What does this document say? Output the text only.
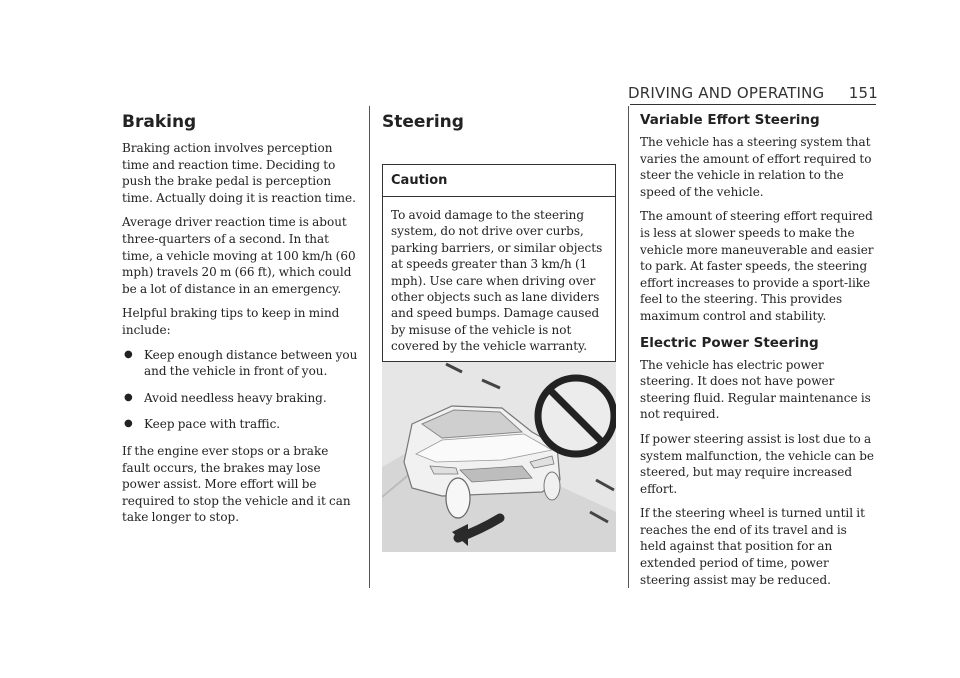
DRIVING AND OPERATING 151
Braking

Braking action involves perception time and reaction time. Deciding to push the brake pedal is perception time. Actually doing it is reaction time.

Average driver reaction time is about three-quarters of a second. In that time, a vehicle moving at 100 km/h (60 mph) travels 20 m (66 ft), which could be a lot of distance in an emergency.

Helpful braking tips to keep in mind include:

● Keep enough distance between you and the vehicle in front of you.
● Avoid needless heavy braking.
● Keep pace with traffic.

If the engine ever stops or a brake fault occurs, the brakes may lose power assist. More effort will be required to stop the vehicle and it can take longer to stop.

Steering
Caution
To avoid damage to the steering system, do not drive over curbs, parking barriers, or similar objects at speeds greater than 3 km/h (1 mph). Use care when driving over other objects such as lane dividers and speed bumps. Damage caused by misuse of the vehicle is not covered by the vehicle warranty.
Variable Effort Steering

The vehicle has a steering system that varies the amount of effort required to steer the vehicle in relation to the speed of the vehicle.

The amount of steering effort required is less at slower speeds to make the vehicle more maneuverable and easier to park. At faster speeds, the steering effort increases to provide a sport-like feel to the steering. This provides maximum control and stability.

Electric Power Steering

The vehicle has electric power steering. It does not have power steering fluid. Regular maintenance is not required.

If power steering assist is lost due to a system malfunction, the vehicle can be steered, but may require increased effort.

If the steering wheel is turned until it reaches the end of its travel and is held against that position for an extended period of time, power steering assist may be reduced.
